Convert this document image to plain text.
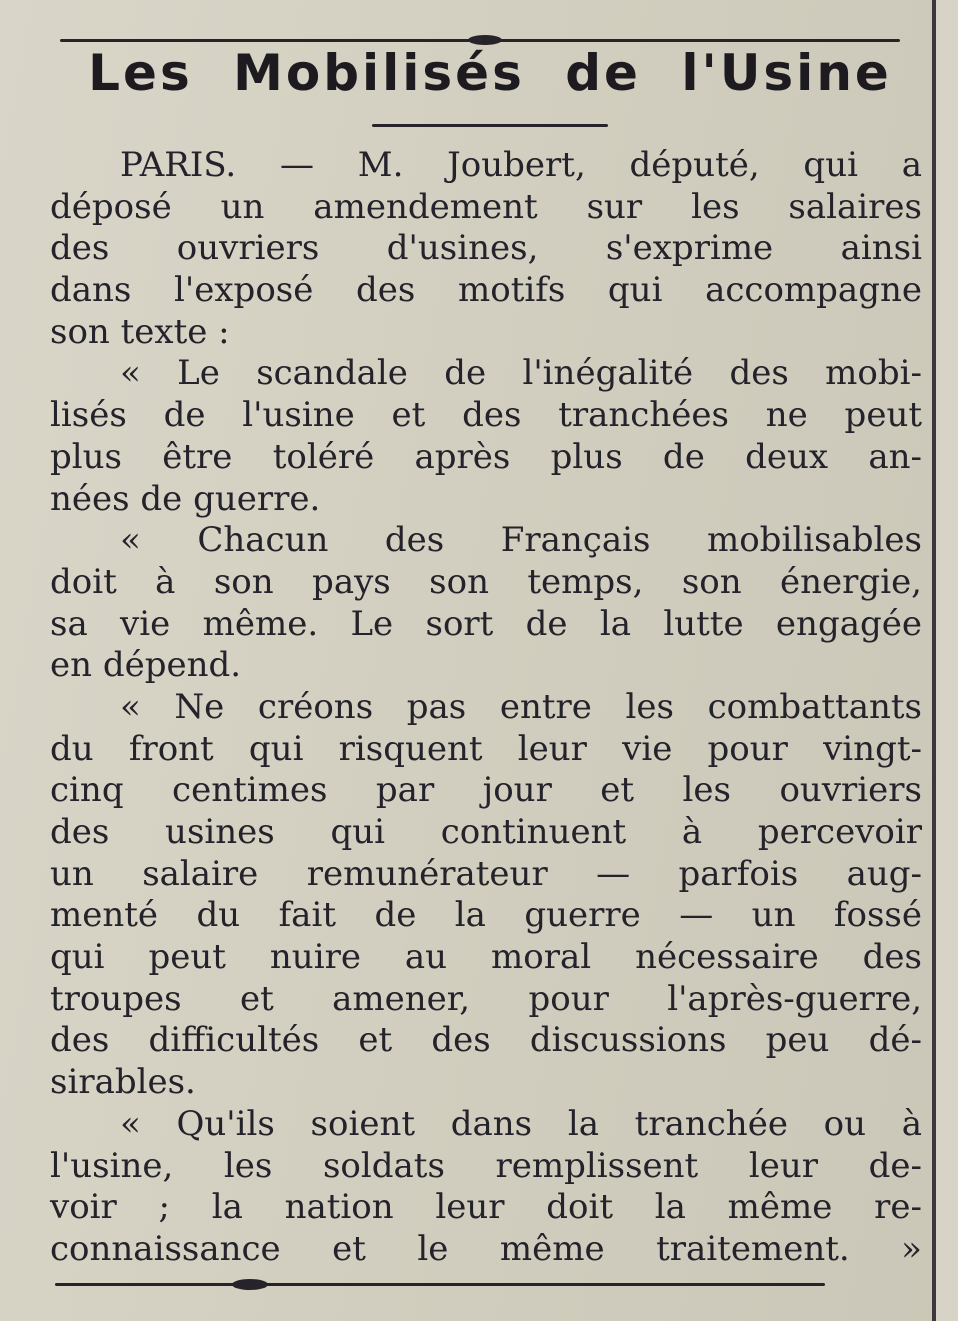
Les Mobilisés de l'Usine
PARIS. — M. Joubert, député, qui a
déposé un amendement sur les salaires
des ouvriers d'usines, s'exprime ainsi
dans l'exposé des motifs qui accompagne
son texte :
« Le scandale de l'inégalité des mobi-
lisés de l'usine et des tranchées ne peut
plus être toléré après plus de deux an-
nées de guerre.
« Chacun des Français mobilisables
doit à son pays son temps, son énergie,
sa vie même. Le sort de la lutte engagée
en dépend.
« Ne créons pas entre les combattants
du front qui risquent leur vie pour vingt-
cinq centimes par jour et les ouvriers
des usines qui continuent à percevoir
un salaire remunérateur — parfois aug-
menté du fait de la guerre — un fossé
qui peut nuire au moral nécessaire des
troupes et amener, pour l'après-guerre,
des difficultés et des discussions peu dé-
sirables.
« Qu'ils soient dans la tranchée ou à
l'usine, les soldats remplissent leur de-
voir ; la nation leur doit la même re-
connaissance et le même traitement. »
